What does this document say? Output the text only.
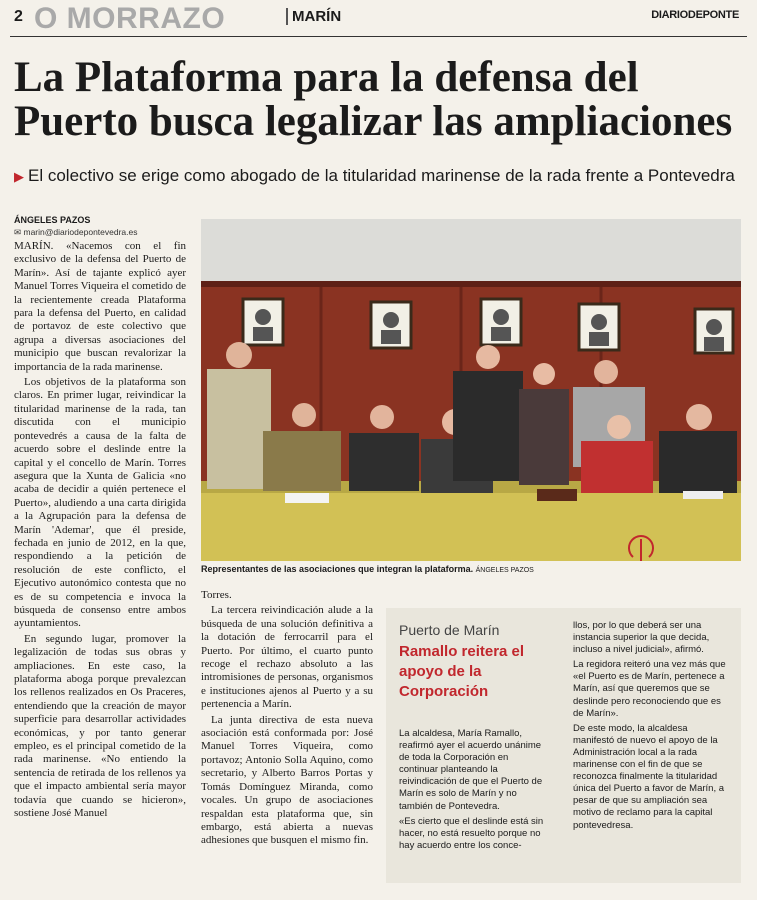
2 O MORRAZO	MARÍN	DIARIODEPONTE
La Plataforma para la defensa del Puerto busca legalizar las ampliaciones
▶ El colectivo se erige como abogado de la titularidad marinense de la rada frente a Pontevedra
ÁNGELES PAZOS
✉ marin@diariodepontevedra.es

MARÍN. «Nacemos con el fin exclusivo de la defensa del Puerto de Marín». Así de tajante explicó ayer Manuel Torres Viqueira el cometido de la recientemente creada Plataforma para la defensa del Puerto, en calidad de portavoz de este colectivo que agrupa a diversas asociaciones del municipio que buscan revalorizar la importancia de la rada marinense.

Los objetivos de la plataforma son claros. En primer lugar, reivindicar la titularidad marinense de la rada, tan discutida con el municipio pontevedrés a causa de la falta de acuerdo sobre el deslinde entre la capital y el concello de Marín. Torres asegura que la Xunta de Galicia «no acaba de decidir a quién pertenece el Puerto», aludiendo a una carta dirigida a la Agrupación para la defensa de Marín 'Ademar', que él preside, fechada en junio de 2012, en la que, respondiendo a la petición de resolución de este conflicto, el Ejecutivo autonómico contesta que no es de su competencia e invoca la búsqueda de consenso entre ambos ayuntamientos.

En segundo lugar, promover la legalización de todas sus obras y ampliaciones. En este caso, la plataforma aboga porque prevalezcan los rellenos realizados en Os Praceres, entendiendo que la creación de mayor superficie para desarrollar actividades económicas, y por tanto generar empleo, es el principal cometido de la rada marinense. «No entiendo la sentencia de retirada de los rellenos ya que el impacto ambiental sería mayor todavía que cuando se hicieron», sostiene José Manuel

Representantes de las asociaciones que integran la plataforma. ÁNGELES PAZOS

Torres.

La tercera reivindicación alude a la búsqueda de una solución definitiva a la dotación de ferrocarril para el Puerto. Por último, el cuarto punto recoge el rechazo absoluto a las intromisiones de personas, organismos e instituciones ajenos al Puerto y a su pertenencia a Marín.

La junta directiva de esta nueva asociación está conformada por: José Manuel Torres Viqueira, como portavoz; Antonio Solla Aquino, como secretario, y Alberto Barros Portas y Tomás Domínguez Miranda, como vocales. Un grupo de asociaciones respaldan esta plataforma que, sin embargo, está abierta a nuevas adhesiones que busquen el mismo fin.

La alcaldesa, María Ramallo, reafirmó ayer el acuerdo unánime de toda la Corporación en continuar planteando la reivindicación de que el Puerto de Marín es solo de Marín y no también de Pontevedra.

«Es cierto que el deslinde está sin hacer, no está resuelto porque no hay acuerdo entre los conce-

llos, por lo que deberá ser una instancia superior la que decida, incluso a nivel judicial», afirmó.

La regidora reiteró una vez más que «el Puerto es de Marín, pertenece a Marín, así que queremos que se deslinde pero reconociendo que es de Marín».

De este modo, la alcaldesa manifestó de nuevo el apoyo de la Administración local a la rada marinense con el fin de que se reconozca finalmente la titularidad única del Puerto a favor de Marín, a pesar de que su ampliación sea motivo de reclamo para la capital pontevedresa.

Puerto de Marín
Ramallo reitera el apoyo de la Corporación
